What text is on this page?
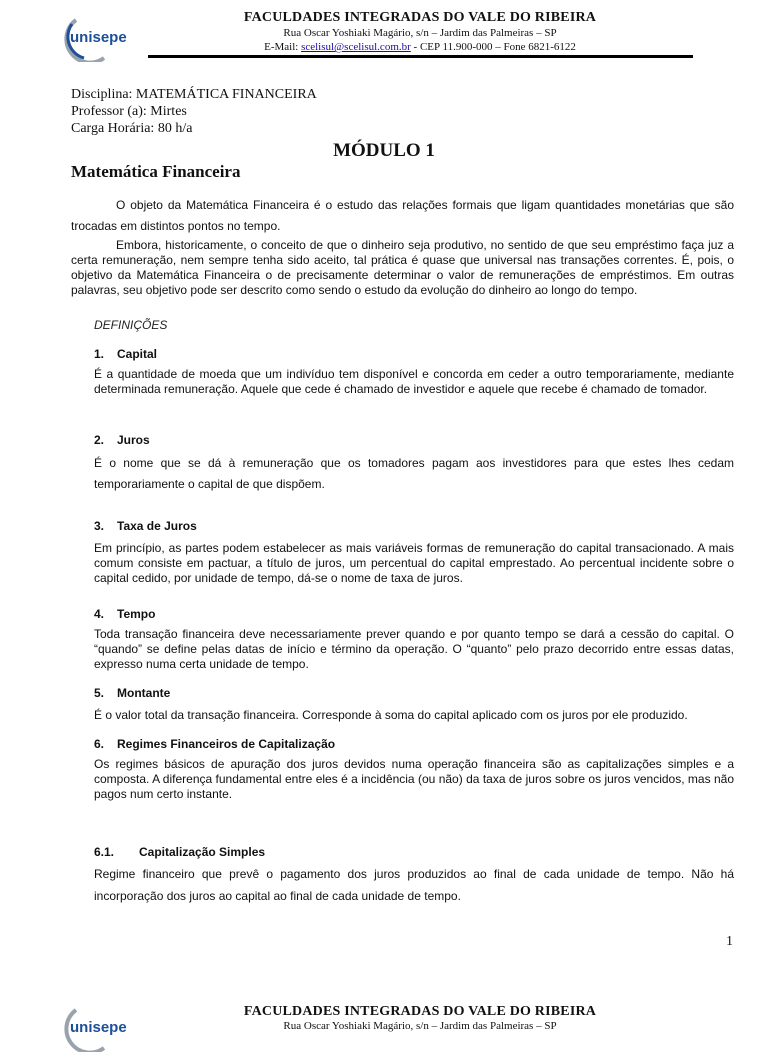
unisepe
FACULDADES INTEGRADAS DO VALE DO RIBEIRA
Rua Oscar Yoshiaki Magário, s/n – Jardim das Palmeiras – SP
E-Mail: scelisul@scelisul.com.br - CEP 11.900-000 – Fone 6821-6122
Disciplina: MATEMÁTICA FINANCEIRA
Professor (a): Mirtes
Carga Horária: 80 h/a
MÓDULO 1
Matemática Financeira
O objeto da Matemática Financeira é o estudo das relações formais que ligam quantidades monetárias que são trocadas em distintos pontos no tempo.
Embora, historicamente, o conceito de que o dinheiro seja produtivo, no sentido de que seu empréstimo faça juz a certa remuneração, nem sempre tenha sido aceito, tal prática é quase que universal nas transações correntes. É, pois, o objetivo da Matemática Financeira o de precisamente determinar o valor de remunerações de empréstimos. Em outras palavras, seu objetivo pode ser descrito como sendo o estudo da evolução do dinheiro ao longo do tempo.
DEFINIÇÕES
1. Capital
É a quantidade de moeda que um indivíduo tem disponível e concorda em ceder a outro temporariamente, mediante determinada remuneração. Aquele que cede é chamado de investidor e aquele que recebe é chamado de tomador.
2. Juros
É o nome que se dá à remuneração que os tomadores pagam aos investidores para que estes lhes cedam temporariamente o capital de que dispõem.
3. Taxa de Juros
Em princípio, as partes podem estabelecer as mais variáveis formas de remuneração do capital transacionado. A mais comum consiste em pactuar, a título de juros, um percentual do capital emprestado. Ao percentual incidente sobre o capital cedido, por unidade de tempo, dá-se o nome de taxa de juros.
4. Tempo
Toda transação financeira deve necessariamente prever quando e por quanto tempo se dará a cessão do capital. O “quando” se define pelas datas de início e término da operação. O “quanto” pelo prazo decorrido entre essas datas, expresso numa certa unidade de tempo.
5. Montante
É o valor total da transação financeira. Corresponde à soma do capital aplicado com os juros por ele produzido.
6. Regimes Financeiros de Capitalização
Os regimes básicos de apuração dos juros devidos numa operação financeira são as capitalizações simples e a composta. A diferença fundamental entre eles é a incidência (ou não) da taxa de juros sobre os juros vencidos, mas não pagos num certo instante.
6.1. Capitalização Simples
Regime financeiro que prevê o pagamento dos juros produzidos ao final de cada unidade de tempo. Não há incorporação dos juros ao capital ao final de cada unidade de tempo.
1
unisepe
FACULDADES INTEGRADAS DO VALE DO RIBEIRA
Rua Oscar Yoshiaki Magário, s/n – Jardim das Palmeiras – SP
